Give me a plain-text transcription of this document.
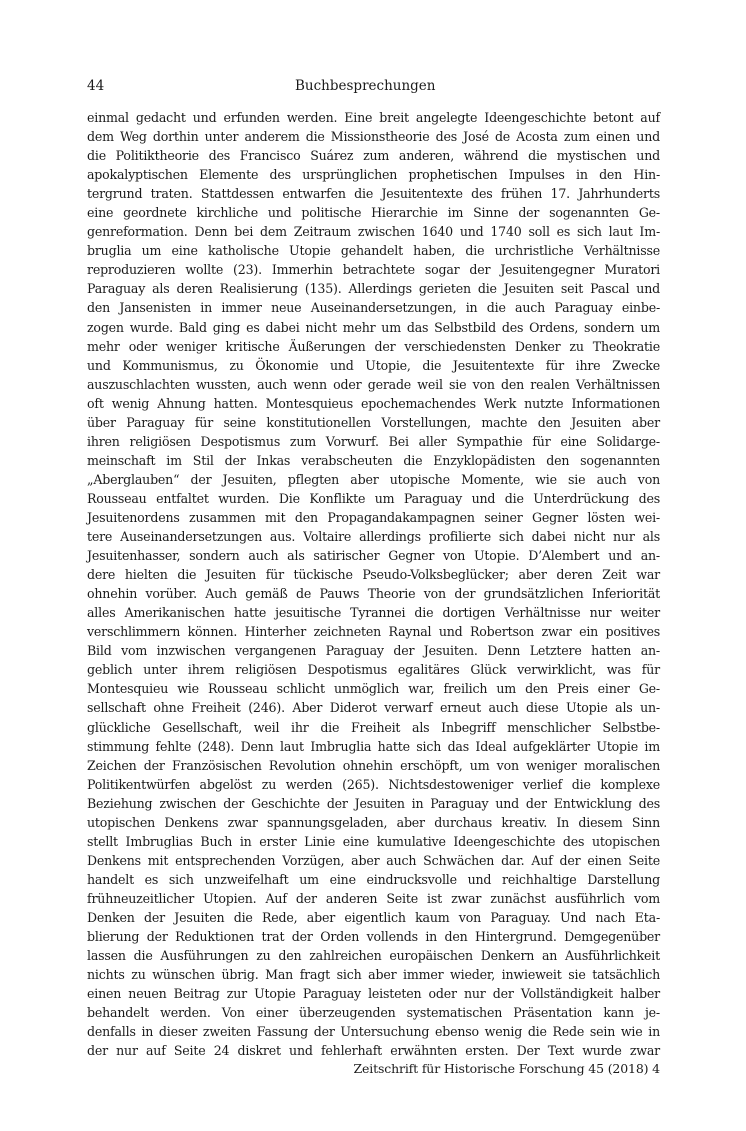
44	Buchbesprechungen
einmal gedacht und erfunden werden. Eine breit angelegte Ideengeschichte betont auf
dem Weg dorthin unter anderem die Missionstheorie des José de Acosta zum einen und
die Politiktheorie des Francisco Suárez zum anderen, während die mystischen und
apokalyptischen Elemente des ursprünglichen prophetischen Impulses in den Hin-
tergrund traten. Stattdessen entwarfen die Jesuitentexte des frühen 17. Jahrhunderts
eine geordnete kirchliche und politische Hierarchie im Sinne der sogenannten Ge-
genreformation. Denn bei dem Zeitraum zwischen 1640 und 1740 soll es sich laut Im-
bruglia um eine katholische Utopie gehandelt haben, die urchristliche Verhältnisse
reproduzieren wollte (23). Immerhin betrachtete sogar der Jesuitengegner Muratori
Paraguay als deren Realisierung (135). Allerdings gerieten die Jesuiten seit Pascal und
den Jansenisten in immer neue Auseinandersetzungen, in die auch Paraguay einbe-
zogen wurde. Bald ging es dabei nicht mehr um das Selbstbild des Ordens, sondern um
mehr oder weniger kritische Äußerungen der verschiedensten Denker zu Theokratie
und Kommunismus, zu Ökonomie und Utopie, die Jesuitentexte für ihre Zwecke
auszuschlachten wussten, auch wenn oder gerade weil sie von den realen Verhältnissen
oft wenig Ahnung hatten. Montesquieus epochemachendes Werk nutzte Informationen
über Paraguay für seine konstitutionellen Vorstellungen, machte den Jesuiten aber
ihren religiösen Despotismus zum Vorwurf. Bei aller Sympathie für eine Solidarge-
meinschaft im Stil der Inkas verabscheuten die Enzyklopädisten den sogenannten
„Aberglauben“ der Jesuiten, pflegten aber utopische Momente, wie sie auch von
Rousseau entfaltet wurden. Die Konflikte um Paraguay und die Unterdrückung des
Jesuitenordens zusammen mit den Propagandakampagnen seiner Gegner lösten wei-
tere Auseinandersetzungen aus. Voltaire allerdings profilierte sich dabei nicht nur als
Jesuitenhasser, sondern auch als satirischer Gegner von Utopie. D’Alembert und an-
dere hielten die Jesuiten für tückische Pseudo-Volksbeglücker; aber deren Zeit war
ohnehin vorüber. Auch gemäß de Pauws Theorie von der grundsätzlichen Inferiorität
alles Amerikanischen hatte jesuitische Tyrannei die dortigen Verhältnisse nur weiter
verschlimmern können. Hinterher zeichneten Raynal und Robertson zwar ein positives
Bild vom inzwischen vergangenen Paraguay der Jesuiten. Denn Letztere hatten an-
geblich unter ihrem religiösen Despotismus egalitäres Glück verwirklicht, was für
Montesquieu wie Rousseau schlicht unmöglich war, freilich um den Preis einer Ge-
sellschaft ohne Freiheit (246). Aber Diderot verwarf erneut auch diese Utopie als un-
glückliche Gesellschaft, weil ihr die Freiheit als Inbegriff menschlicher Selbstbe-
stimmung fehlte (248). Denn laut Imbruglia hatte sich das Ideal aufgeklärter Utopie im
Zeichen der Französischen Revolution ohnehin erschöpft, um von weniger moralischen
Politikentwürfen abgelöst zu werden (265). Nichtsdestoweniger verlief die komplexe
Beziehung zwischen der Geschichte der Jesuiten in Paraguay und der Entwicklung des
utopischen Denkens zwar spannungsgeladen, aber durchaus kreativ. In diesem Sinn
stellt Imbruglias Buch in erster Linie eine kumulative Ideengeschichte des utopischen
Denkens mit entsprechenden Vorzügen, aber auch Schwächen dar. Auf der einen Seite
handelt es sich unzweifelhaft um eine eindrucksvolle und reichhaltige Darstellung
frühneuzeitlicher Utopien. Auf der anderen Seite ist zwar zunächst ausführlich vom
Denken der Jesuiten die Rede, aber eigentlich kaum von Paraguay. Und nach Eta-
blierung der Reduktionen trat der Orden vollends in den Hintergrund. Demgegenüber
lassen die Ausführungen zu den zahlreichen europäischen Denkern an Ausführlichkeit
nichts zu wünschen übrig. Man fragt sich aber immer wieder, inwieweit sie tatsächlich
einen neuen Beitrag zur Utopie Paraguay leisteten oder nur der Vollständigkeit halber
behandelt werden. Von einer überzeugenden systematischen Präsentation kann je-
denfalls in dieser zweiten Fassung der Untersuchung ebenso wenig die Rede sein wie in
der nur auf Seite 24 diskret und fehlerhaft erwähnten ersten. Der Text wurde zwar
Zeitschrift für Historische Forschung 45 (2018) 4
